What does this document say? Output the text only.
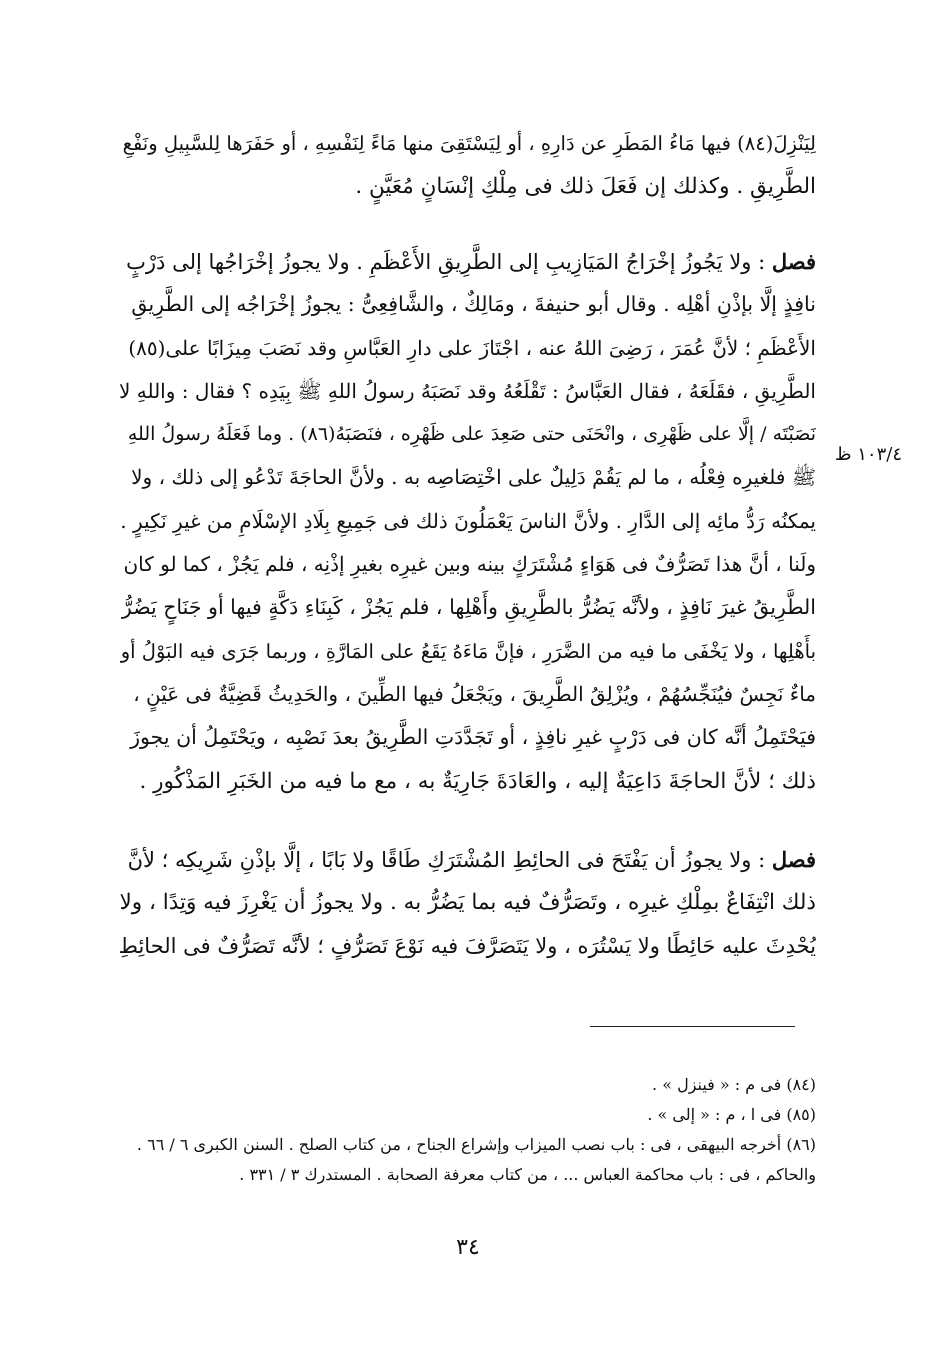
لِيَنْزِلَ(٨٤) فيها مَاءُ المَطَرِ عن دَارِهِ ، أو لِيَسْتَقِىَ منها مَاءً لِنَفْسِهِ ، أو حَفَرَها لِلسَّبِيلِ ونَفْعِ
الطَّرِيقِ . وكذلك إن فَعَلَ ذلك فى مِلْكِ إنْسَانٍ مُعَيَّنٍ .
فصل : ولا يَجُوزُ إخْرَاجُ المَيَازِيبِ إلى الطَّرِيقِ الأَعْظَمِ . ولا يجوزُ إخْرَاجُها إلى دَرْبٍ
نافِذٍ إلَّا بإذْنِ أهْلِه . وقال أبو حنيفةَ ، ومَالِكٌ ، والشَّافِعِىُّ : يجوزُ إخْرَاجُه إلى الطَّرِيقِ
الأَعْظَمِ ؛ لأنَّ عُمَرَ ، رَضِىَ اللهُ عنه ، اجْتَازَ على دارِ العَبَّاسِ وقد نَصَبَ مِيزَابًا على(٨٥)
الطَّرِيقِ ، فقَلَعَهُ ، فقال العَبَّاسُ : تَقْلَعُهُ وقد نَصَبَهُ رسولُ اللهِ ﷺ بِيَدِه ؟ فقال : واللهِ لا
نَصَبْتَه / إلَّا على ظَهْرِى ، وانْحَنَى حتى صَعِدَ على ظَهْرِه ، فنَصَبَهُ(٨٦) . وما فَعَلَهُ رسولُ اللهِ
ﷺ فلغيرِه فِعْلُه ، ما لم يَقُمْ دَلِيلٌ على اخْتِصَاصِه به . ولأنَّ الحاجَةَ تَدْعُو إلى ذلك ، ولا
يمكنُه رَدُّ مائِه إلى الدَّارِ . ولأنَّ الناسَ يَعْمَلُونَ ذلك فى جَمِيعِ بِلَادِ الإسْلَامِ من غيرِ نَكِيرٍ .
ولَنا ، أنَّ هذا تَصَرُّفٌ فى هَوَاءٍ مُشْتَرَكٍ بينه وبين غيرِه بغيرِ إذْنِه ، فلم يَجُزْ ، كما لو كان
الطَّرِيقُ غيرَ نَافِذٍ ، ولأنَّه يَضُرُّ بالطَّرِيقِ وأَهْلِها ، فلم يَجُزْ ، كَبِنَاءِ دَكَّةٍ فيها أو جَنَاحٍ يَضُرُّ
بأَهْلِها ، ولا يَخْفَى ما فيه من الضَّرَرِ ، فإنَّ مَاءَهُ يَقَعُ على المَارَّةِ ، وربما جَرَى فيه البَوْلُ أو
ماءٌ نَجِسٌ فيُنَجِّسُهُمْ ، ويُزْلِقُ الطَّرِيقَ ، ويَجْعَلُ فيها الطِّينَ ، والحَدِيثُ قَضِيَّةٌ فى عَيْنٍ ،
فيَحْتَمِلُ أنَّه كان فى دَرْبٍ غيرِ نافِذٍ ، أو تَجَدَّدَتِ الطَّرِيقُ بعدَ نَصْبِه ، ويَحْتَمِلُ أن يجوزَ
ذلك ؛ لأنَّ الحاجَةَ دَاعِيَةٌ إليه ، والعَادَةَ جَارِيَةٌ به ، مع ما فيه من الخَبَرِ المَذْكُورِ .
١٠٣/٤ ظ
فصل : ولا يجوزُ أن يَفْتَحَ فى الحائِطِ المُشْتَرَكِ طَاقًا ولا بَابًا ، إلَّا بإذْنِ شَرِيكِه ؛ لأنَّ
ذلك انْتِفَاعٌ بمِلْكِ غيرِه ، وتَصَرُّفٌ فيه بما يَضُرُّ به . ولا يجوزُ أن يَغْرِزَ فيه وَتِدًا ، ولا
يُحْدِثَ عليه حَائِطًا ولا يَسْتُرَه ، ولا يَتَصَرَّفَ فيه نَوْعَ تَصَرُّفٍ ؛ لأنَّه تَصَرُّفٌ فى الحائِطِ
(٨٤) فى م : « فينزل » .
(٨٥) فى ا ، م : « إلى » .
(٨٦) أخرجه البيهقى ، فى : باب نصب الميزاب وإشراع الجناح ، من كتاب الصلح . السنن الكبرى ٦ / ٦٦ .
والحاكم ، فى : باب محاكمة العباس ... ، من كتاب معرفة الصحابة . المستدرك ٣ / ٣٣١ .
٣٤
